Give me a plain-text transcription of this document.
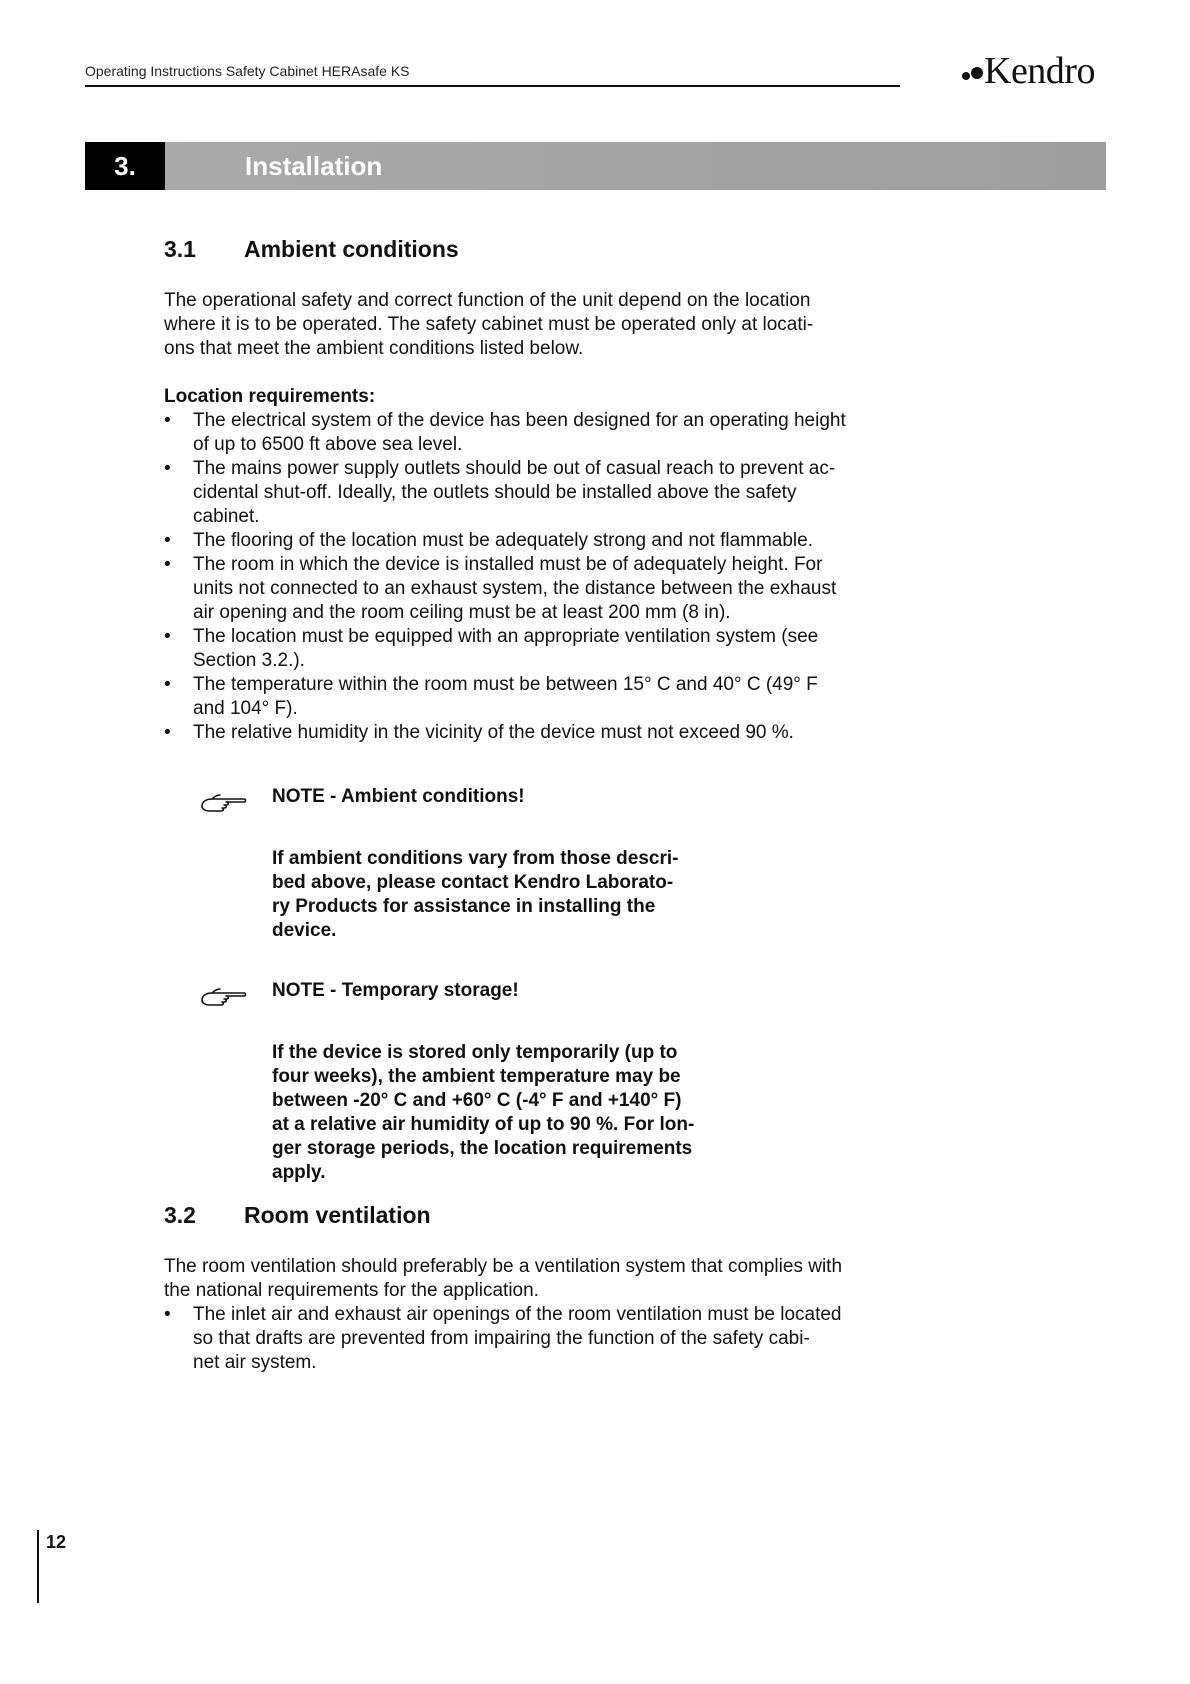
Operating Instructions Safety Cabinet HERAsafe KS	Kendro
3.	Installation
3.1	Ambient conditions

The operational safety and correct function of the unit depend on the location

where it is to be operated. The safety cabinet must be operated only at locati-

ons that meet the ambient conditions listed below.

Location requirements:

• The electrical system of the device has been designed for an operating height
of up to 6500 ft above sea level.
• The mains power supply outlets should be out of casual reach to prevent ac-
cidental shut-off. Ideally, the outlets should be installed above the safety
cabinet.
• The flooring of the location must be adequately strong and not flammable.
• The room in which the device is installed must be of adequately height. For
units not connected to an exhaust system, the distance between the exhaust
air opening and the room ceiling must be at least 200 mm (8 in).
• The location must be equipped with an appropriate ventilation system (see
Section 3.2.).
• The temperature within the room must be between 15° C and 40° C (49° F
and 104° F).
• The relative humidity in the vicinity of the device must not exceed 90 %.
NOTE - Ambient conditions!
If ambient conditions vary from those descri-
bed above, please contact Kendro Laborato-
ry Products for assistance in installing the
device.
NOTE - Temporary storage!
If the device is stored only temporarily (up to
four weeks), the ambient temperature may be
between -20° C and +60° C (-4° F and +140° F)
at a relative air humidity of up to 90 %. For lon-
ger storage periods, the location requirements
apply.
3.2	Room ventilation

The room ventilation should preferably be a ventilation system that complies with

the national requirements for the application.

• The inlet air and exhaust air openings of the room ventilation must be located
so that drafts are prevented from impairing the function of the safety cabi-
net air system.
12
